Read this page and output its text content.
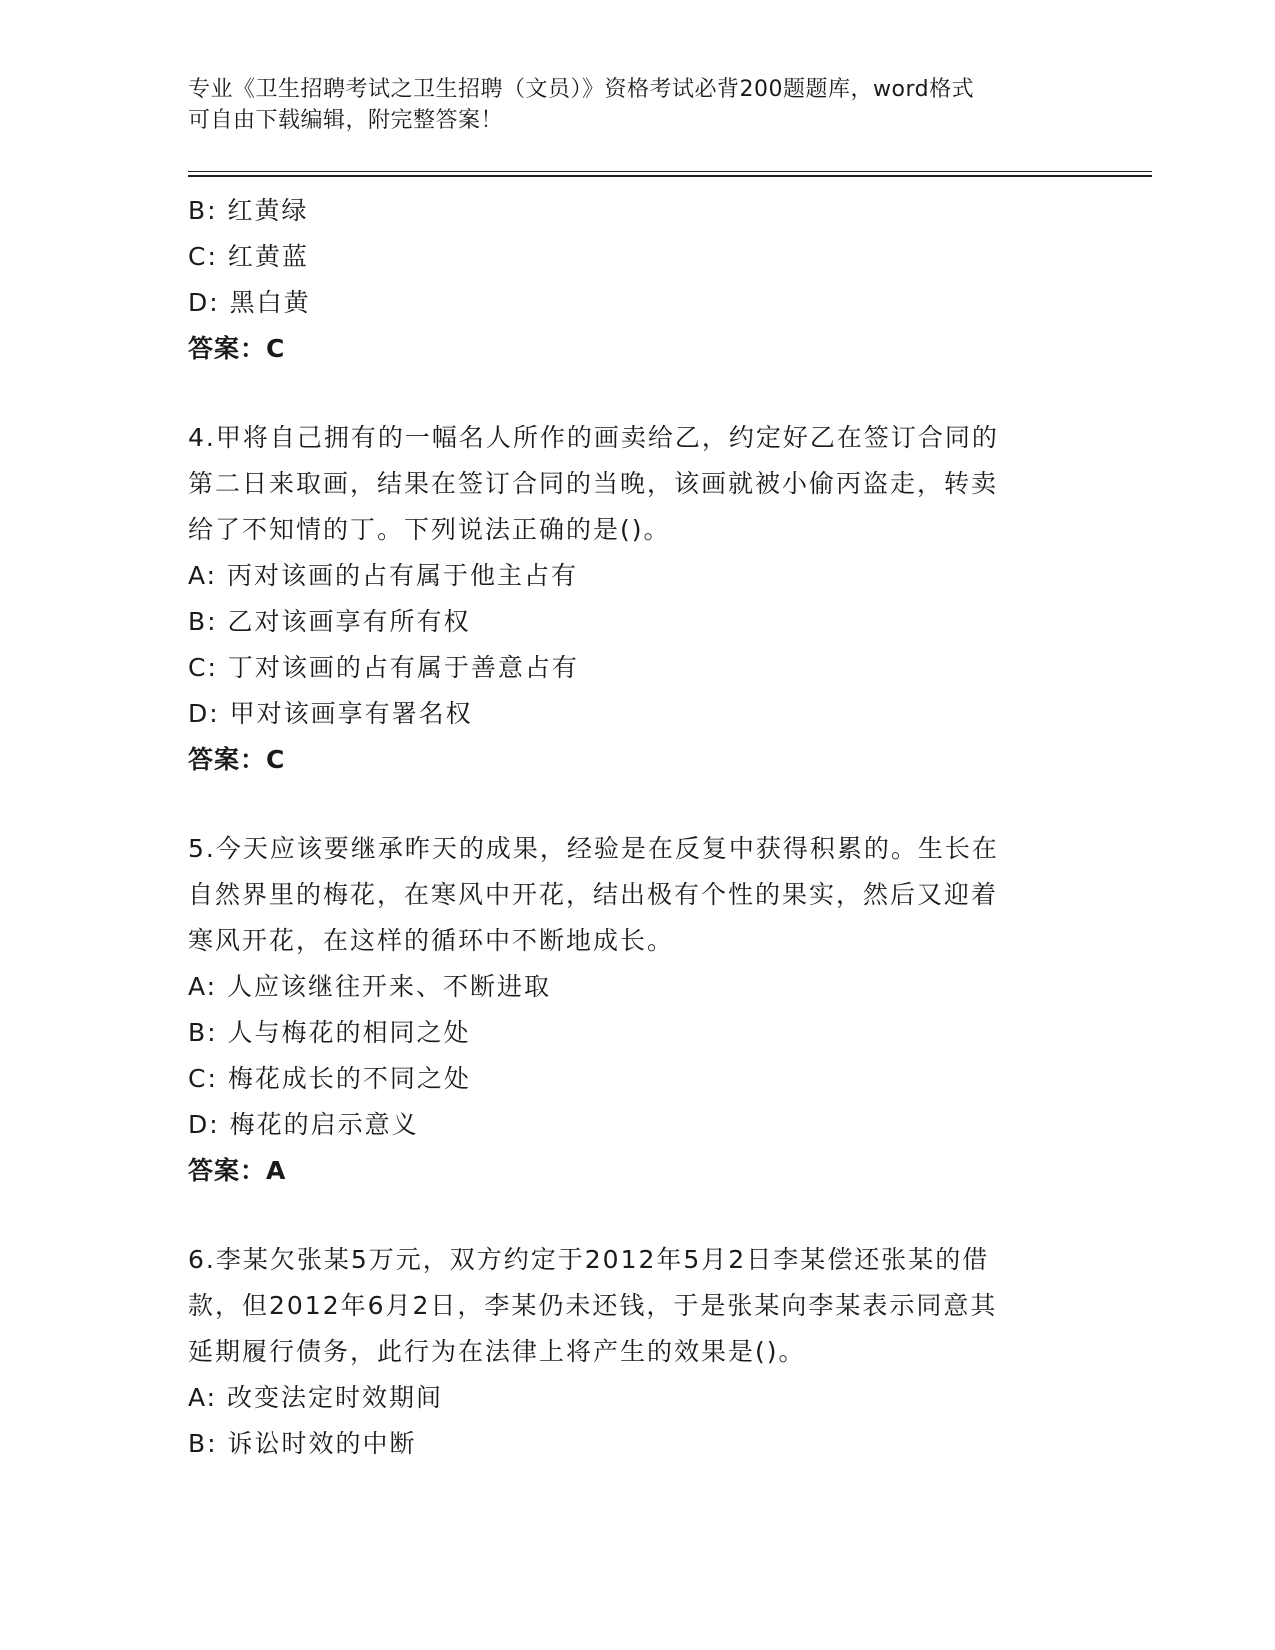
专业《卫生招聘考试之卫生招聘（文员）》资格考试必背200题题库，word格式
可自由下载编辑，附完整答案！
B: 红黄绿
C: 红黄蓝
D: 黑白黄
答案：C
4.甲将自己拥有的一幅名人所作的画卖给乙，约定好乙在签订合同的
第二日来取画，结果在签订合同的当晚，该画就被小偷丙盗走，转卖
给了不知情的丁。下列说法正确的是()。
A: 丙对该画的占有属于他主占有
B: 乙对该画享有所有权
C: 丁对该画的占有属于善意占有
D: 甲对该画享有署名权
答案：C
5.今天应该要继承昨天的成果，经验是在反复中获得积累的。生长在
自然界里的梅花，在寒风中开花，结出极有个性的果实，然后又迎着
寒风开花，在这样的循环中不断地成长。
A: 人应该继往开来、不断进取
B: 人与梅花的相同之处
C: 梅花成长的不同之处
D: 梅花的启示意义
答案：A
6.李某欠张某5万元，双方约定于2012年5月2日李某偿还张某的借
款，但2012年6月2日，李某仍未还钱，于是张某向李某表示同意其
延期履行债务，此行为在法律上将产生的效果是()。
A: 改变法定时效期间
B: 诉讼时效的中断
